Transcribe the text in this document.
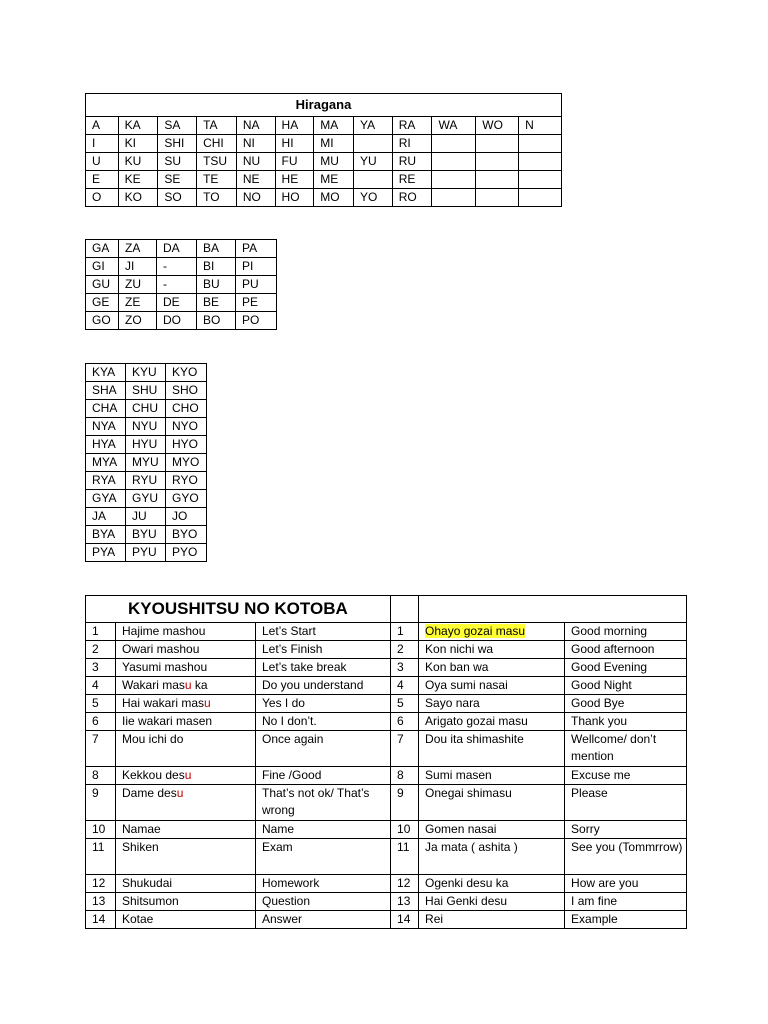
Hiragana											
A	KA	SA	TA	NA	HA	MA	YA	RA	WA	WO	N
I	KI	SHI	CHI	NI	HI	MI		RI			
U	KU	SU	TSU	NU	FU	MU	YU	RU			
E	KE	SE	TE	NE	HE	ME		RE			
O	KO	SO	TO	NO	HO	MO	YO	RO			
GA	ZA	DA	BA	PA
GI	JI	-	BI	PI
GU	ZU	-	BU	PU
GE	ZE	DE	BE	PE
GO	ZO	DO	BO	PO
KYA	KYU	KYO
SHA	SHU	SHO
CHA	CHU	CHO
NYA	NYU	NYO
HYA	HYU	HYO
MYA	MYU	MYO
RYA	RYU	RYO
GYA	GYU	GYO
JA	JU	JO
BYA	BYU	BYO
PYA	PYU	PYO
KYOUSHITSU NO KOTOBA					
1	Hajime mashou	Let’s Start	1	Ohayo gozai masu	Good morning
2	Owari mashou	Let’s Finish	2	Kon nichi wa	Good afternoon
3	Yasumi mashou	Let’s take break	3	Kon ban wa	Good Evening
4	Wakari masu ka	Do you understand	4	Oya sumi nasai	Good Night
5	Hai wakari masu	Yes I do	5	Sayo nara	Good Bye
6	Iie wakari masen	No I don’t.	6	Arigato gozai masu	Thank you
7	Mou ichi do	Once again	7	Dou ita shimashite	Wellcome/ don’t mention
8	Kekkou desu	Fine /Good	8	Sumi masen	Excuse me
9	Dame desu	That’s not ok/ That’s wrong	9	Onegai shimasu	Please
10	Namae	Name	10	Gomen nasai	Sorry
11	Shiken	Exam	11	Ja mata ( ashita )	See you (Tommrrow)
12	Shukudai	Homework	12	Ogenki desu ka	How are you
13	Shitsumon	Question	13	Hai Genki desu	I am fine
14	Kotae	Answer	14	Rei	Example
